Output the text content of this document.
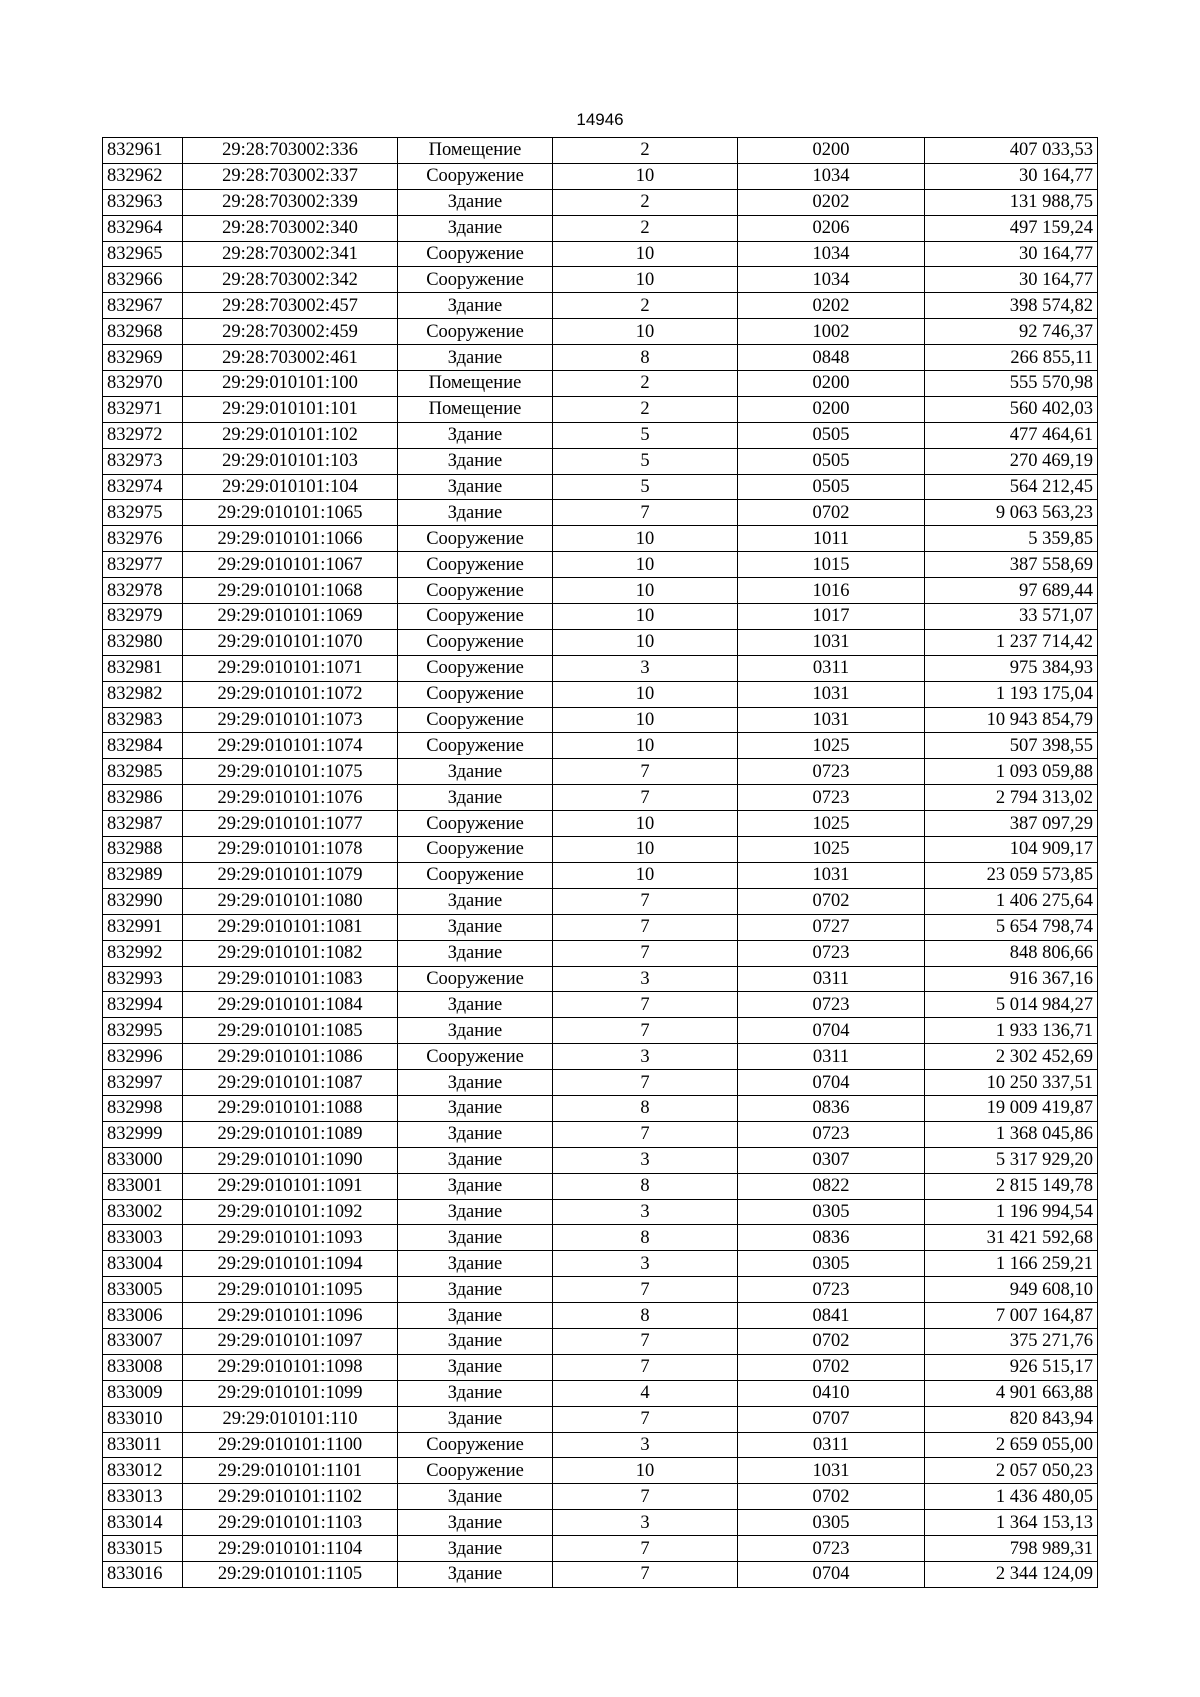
14946
832961	29:28:703002:336	Помещение	2	0200	407 033,53
832962	29:28:703002:337	Сооружение	10	1034	30 164,77
832963	29:28:703002:339	Здание	2	0202	131 988,75
832964	29:28:703002:340	Здание	2	0206	497 159,24
832965	29:28:703002:341	Сооружение	10	1034	30 164,77
832966	29:28:703002:342	Сооружение	10	1034	30 164,77
832967	29:28:703002:457	Здание	2	0202	398 574,82
832968	29:28:703002:459	Сооружение	10	1002	92 746,37
832969	29:28:703002:461	Здание	8	0848	266 855,11
832970	29:29:010101:100	Помещение	2	0200	555 570,98
832971	29:29:010101:101	Помещение	2	0200	560 402,03
832972	29:29:010101:102	Здание	5	0505	477 464,61
832973	29:29:010101:103	Здание	5	0505	270 469,19
832974	29:29:010101:104	Здание	5	0505	564 212,45
832975	29:29:010101:1065	Здание	7	0702	9 063 563,23
832976	29:29:010101:1066	Сооружение	10	1011	5 359,85
832977	29:29:010101:1067	Сооружение	10	1015	387 558,69
832978	29:29:010101:1068	Сооружение	10	1016	97 689,44
832979	29:29:010101:1069	Сооружение	10	1017	33 571,07
832980	29:29:010101:1070	Сооружение	10	1031	1 237 714,42
832981	29:29:010101:1071	Сооружение	3	0311	975 384,93
832982	29:29:010101:1072	Сооружение	10	1031	1 193 175,04
832983	29:29:010101:1073	Сооружение	10	1031	10 943 854,79
832984	29:29:010101:1074	Сооружение	10	1025	507 398,55
832985	29:29:010101:1075	Здание	7	0723	1 093 059,88
832986	29:29:010101:1076	Здание	7	0723	2 794 313,02
832987	29:29:010101:1077	Сооружение	10	1025	387 097,29
832988	29:29:010101:1078	Сооружение	10	1025	104 909,17
832989	29:29:010101:1079	Сооружение	10	1031	23 059 573,85
832990	29:29:010101:1080	Здание	7	0702	1 406 275,64
832991	29:29:010101:1081	Здание	7	0727	5 654 798,74
832992	29:29:010101:1082	Здание	7	0723	848 806,66
832993	29:29:010101:1083	Сооружение	3	0311	916 367,16
832994	29:29:010101:1084	Здание	7	0723	5 014 984,27
832995	29:29:010101:1085	Здание	7	0704	1 933 136,71
832996	29:29:010101:1086	Сооружение	3	0311	2 302 452,69
832997	29:29:010101:1087	Здание	7	0704	10 250 337,51
832998	29:29:010101:1088	Здание	8	0836	19 009 419,87
832999	29:29:010101:1089	Здание	7	0723	1 368 045,86
833000	29:29:010101:1090	Здание	3	0307	5 317 929,20
833001	29:29:010101:1091	Здание	8	0822	2 815 149,78
833002	29:29:010101:1092	Здание	3	0305	1 196 994,54
833003	29:29:010101:1093	Здание	8	0836	31 421 592,68
833004	29:29:010101:1094	Здание	3	0305	1 166 259,21
833005	29:29:010101:1095	Здание	7	0723	949 608,10
833006	29:29:010101:1096	Здание	8	0841	7 007 164,87
833007	29:29:010101:1097	Здание	7	0702	375 271,76
833008	29:29:010101:1098	Здание	7	0702	926 515,17
833009	29:29:010101:1099	Здание	4	0410	4 901 663,88
833010	29:29:010101:110	Здание	7	0707	820 843,94
833011	29:29:010101:1100	Сооружение	3	0311	2 659 055,00
833012	29:29:010101:1101	Сооружение	10	1031	2 057 050,23
833013	29:29:010101:1102	Здание	7	0702	1 436 480,05
833014	29:29:010101:1103	Здание	3	0305	1 364 153,13
833015	29:29:010101:1104	Здание	7	0723	798 989,31
833016	29:29:010101:1105	Здание	7	0704	2 344 124,09
